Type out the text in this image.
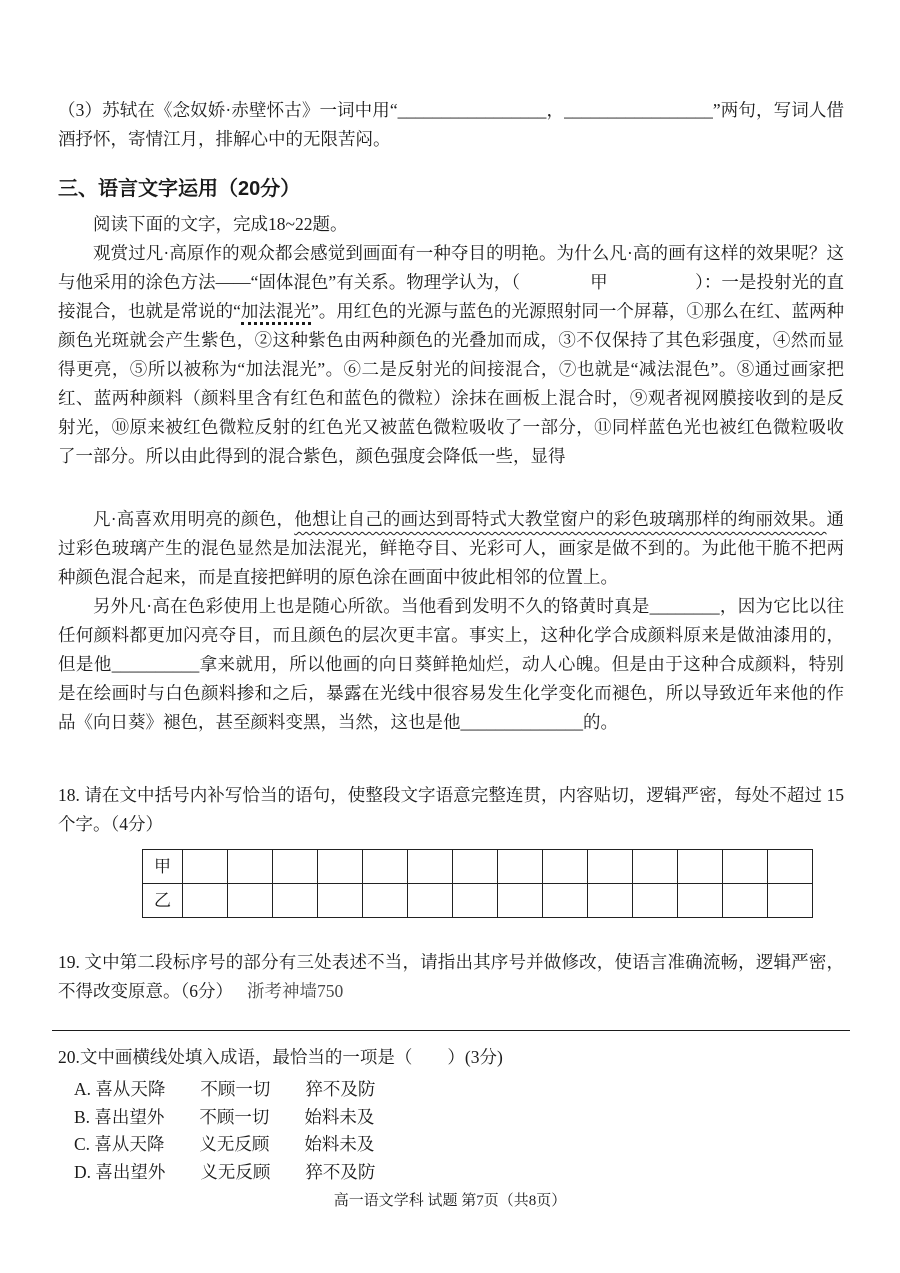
（3）苏轼在《念奴娇·赤壁怀古》一词中用“_________________，_________________”两句，写词人借酒抒怀，寄情江月，排解心中的无限苦闷。

三、语言文字运用（20分）

阅读下面的文字，完成18~22题。

观赏过凡·高原作的观众都会感觉到画面有一种夺目的明艳。为什么凡·高的画有这样的效果呢？这与他采用的涂色方法——“固体混色”有关系。物理学认为，（　　　　甲　　　　　）：一是投射光的直接混合，也就是常说的“加法混光”。用红色的光源与蓝色的光源照射同一个屏幕，①那么在红、蓝两种颜色光斑就会产生紫色，②这种紫色由两种颜色的光叠加而成，③不仅保持了其色彩强度，④然而显得更亮，⑤所以被称为“加法混光”。⑥二是反射光的间接混合，⑦也就是“减法混色”。⑧通过画家把红、蓝两种颜料（颜料里含有红色和蓝色的微粒）涂抹在画板上混合时，⑨观者视网膜接收到的是反射光，⑩原来被红色微粒反射的红色光又被蓝色微粒吸收了一部分，⑪同样蓝色光也被红色微粒吸收了一部分。所以由此得到的混合紫色，颜色强度会降低一些，显得

凡·高喜欢用明亮的颜色，他想让自己的画达到哥特式大教堂窗户的彩色玻璃那样的绚丽效果。通过彩色玻璃产生的混色显然是加法混光，鲜艳夺目、光彩可人，画家是做不到的。为此他干脆不把两种颜色混合起来，而是直接把鲜明的原色涂在画面中彼此相邻的位置上。

另外凡·高在色彩使用上也是随心所欲。当他看到发明不久的铬黄时真是________，因为它比以往任何颜料都更加闪亮夺目，而且颜色的层次更丰富。事实上，这种化学合成颜料原来是做油漆用的，但是他__________拿来就用，所以他画的向日葵鲜艳灿烂，动人心魄。但是由于这种合成颜料，特别是在绘画时与白色颜料掺和之后，暴露在光线中很容易发生化学变化而褪色，所以导致近年来他的作品《向日葵》褪色，甚至颜料变黑，当然，这也是他______________的。

18. 请在文中括号内补写恰当的语句，使整段文字语意完整连贯，内容贴切，逻辑严密，每处不超过 15个字。（4分）

甲														
乙														

19. 文中第二段标序号的部分有三处表述不当，请指出其序号并做修改，使语言准确流畅，逻辑严密，不得改变原意。（6分） 浙考神墙750

20.文中画横线处填入成语，最恰当的一项是（　　）(3分)

A. 喜从天降　　不顾一切　　猝不及防
B. 喜出望外　　不顾一切　　始料未及
C. 喜从天降　　义无反顾　　始料未及
D. 喜出望外　　义无反顾　　猝不及防
高一语文学科 试题 第7页（共8页）
